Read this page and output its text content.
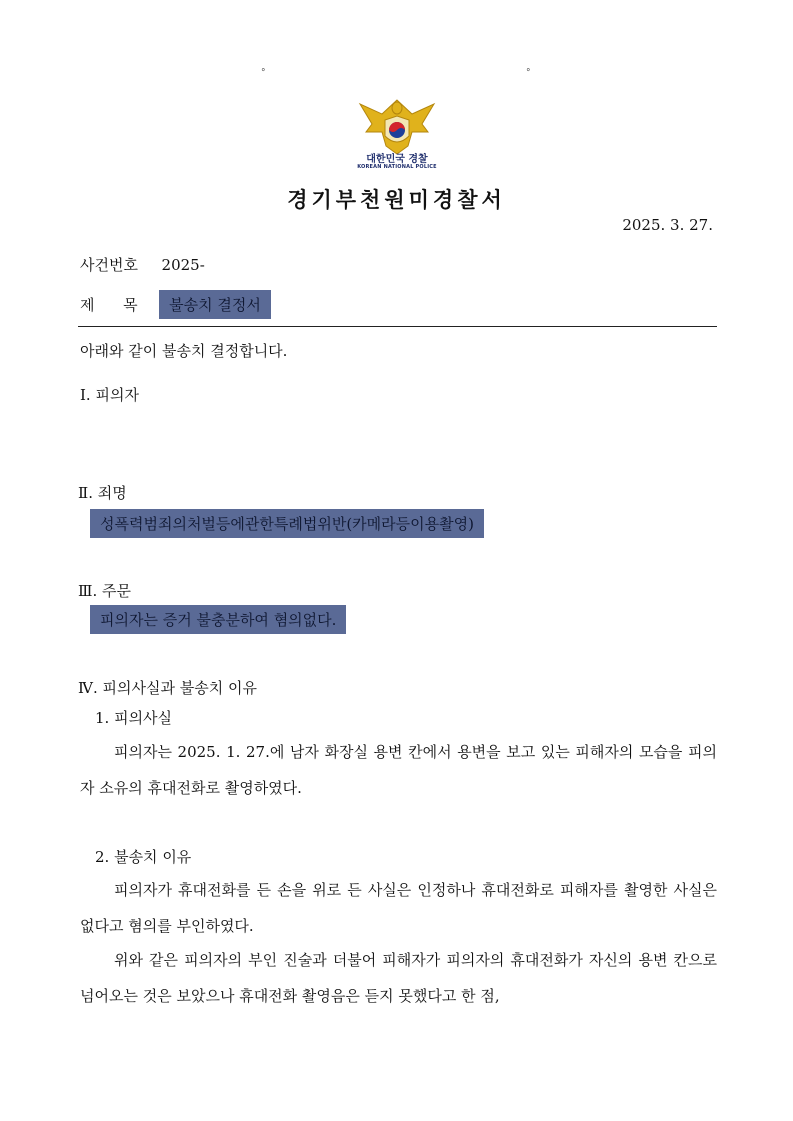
°	°
대한민국 경찰
KOREAN NATIONAL POLICE
경기부천원미경찰서
2025. 3. 27.
사건번호 2025-
제      목 불송치 결정서
아래와 같이 불송치 결정합니다.
Ⅰ. 피의자
Ⅱ. 죄명
성폭력범죄의처벌등에관한특례법위반(카메라등이용촬영)
Ⅲ. 주문
피의자는 증거 불충분하여 혐의없다.
Ⅳ. 피의사실과 불송치 이유
1. 피의사실
피의자는 2025. 1. 27.에 남자 화장실 용변 칸에서 용변을 보고 있는 피해자의 모습을 피의자 소유의 휴대전화로 촬영하였다.
2. 불송치 이유
피의자가 휴대전화를 든 손을 위로 든 사실은 인정하나 휴대전화로 피해자를 촬영한 사실은 없다고 혐의를 부인하였다.
위와 같은 피의자의 부인 진술과 더불어 피해자가 피의자의 휴대전화가 자신의 용변 칸으로 넘어오는 것은 보았으나 휴대전화 촬영음은 듣지 못했다고 한 점,
